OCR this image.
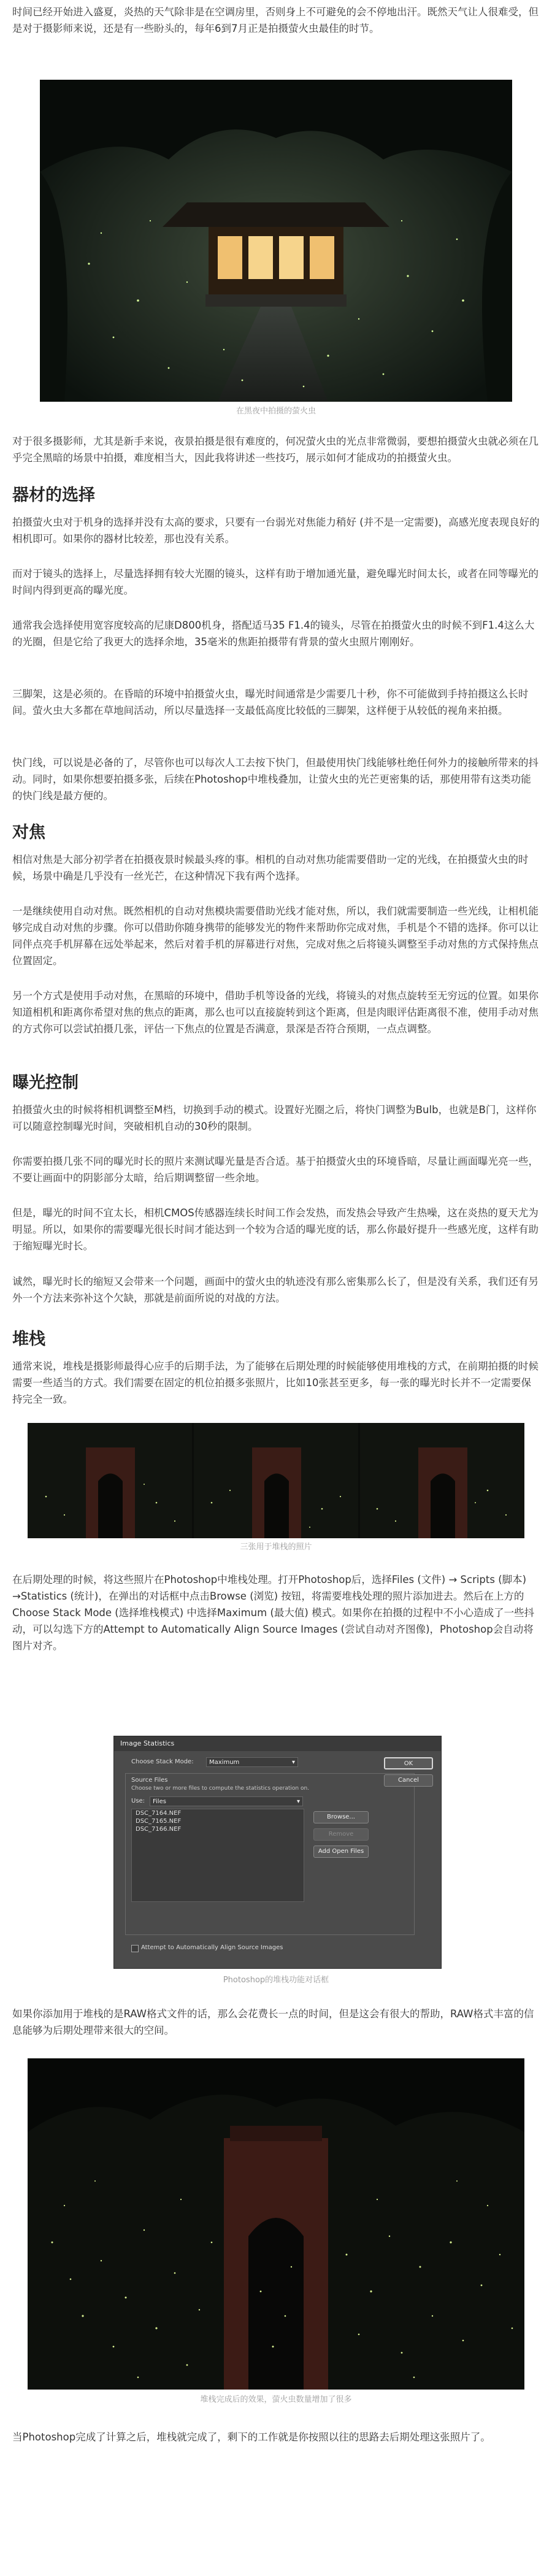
时间已经开始进入盛夏，炎热的天气除非是在空调房里，否则身上不可避免的会不停地出汗。既然天气让人很难受，但是对于摄影师来说，还是有一些盼头的，每年6到7月正是拍摄萤火虫最佳的时节。

在黑夜中拍摄的萤火虫

对于很多摄影师，尤其是新手来说，夜景拍摄是很有难度的，何况萤火虫的光点非常微弱，要想拍摄萤火虫就必须在几乎完全黑暗的场景中拍摄，难度相当大，因此我将讲述一些技巧，展示如何才能成功的拍摄萤火虫。

器材的选择

拍摄萤火虫对于机身的选择并没有太高的要求，只要有一台弱光对焦能力稍好 (并不是一定需要)，高感光度表现良好的相机即可。如果你的器材比较差，那也没有关系。

而对于镜头的选择上，尽量选择拥有较大光圈的镜头，这样有助于增加通光量，避免曝光时间太长，或者在同等曝光的时间内得到更高的曝光度。

通常我会选择使用宽容度较高的尼康D800机身，搭配适马35 F1.4的镜头，尽管在拍摄萤火虫的时候不到F1.4这么大的光圈，但是它给了我更大的选择余地，35毫米的焦距拍摄带有背景的萤火虫照片刚刚好。

三脚架，这是必须的。在昏暗的环境中拍摄萤火虫，曝光时间通常是少需要几十秒，你不可能做到手持拍摄这么长时间。萤火虫大多都在草地间活动，所以尽量选择一支最低高度比较低的三脚架，这样便于从较低的视角来拍摄。

快门线，可以说是必备的了，尽管你也可以每次人工去按下快门，但最使用快门线能够杜绝任何外力的接触所带来的抖动。同时，如果你想要拍摄多张，后续在Photoshop中堆栈叠加，让萤火虫的光芒更密集的话，那使用带有这类功能的快门线是最方便的。

对焦

相信对焦是大部分初学者在拍摄夜景时候最头疼的事。相机的自动对焦功能需要借助一定的光线，在拍摄萤火虫的时候，场景中确是几乎没有一丝光芒，在这种情况下我有两个选择。

一是继续使用自动对焦。既然相机的自动对焦模块需要借助光线才能对焦，所以，我们就需要制造一些光线，让相机能够完成自动对焦的步骤。你可以借助你随身携带的能够发光的物件来帮助你完成对焦，手机是个不错的选择。你可以让同伴点亮手机屏幕在远处举起来，然后对着手机的屏幕进行对焦，完成对焦之后将镜头调整至手动对焦的方式保持焦点位置固定。

另一个方式是使用手动对焦，在黑暗的环境中，借助手机等设备的光线，将镜头的对焦点旋转至无穷远的位置。如果你知道相机和距离你希望对焦的焦点的距离，那么也可以直接旋转到这个距离，但是肉眼评估距离很不准，使用手动对焦的方式你可以尝试拍摄几张，评估一下焦点的位置是否满意，景深是否符合预期，一点点调整。

曝光控制

拍摄萤火虫的时候将相机调整至M档，切换到手动的模式。设置好光圈之后，将快门调整为Bulb，也就是B门，这样你可以随意控制曝光时间，突破相机自动的30秒的限制。

你需要拍摄几张不同的曝光时长的照片来测试曝光量是否合适。基于拍摄萤火虫的环境昏暗，尽量让画面曝光亮一些，不要让画面中的阴影部分太暗，给后期调整留一些余地。

但是，曝光的时间不宜太长，相机CMOS传感器连续长时间工作会发热，而发热会导致产生热噪，这在炎热的夏天尤为明显。所以，如果你的需要曝光很长时间才能达到一个较为合适的曝光度的话，那么你最好提升一些感光度，这样有助于缩短曝光时长。

诚然，曝光时长的缩短又会带来一个问题，画面中的萤火虫的轨迹没有那么密集那么长了，但是没有关系，我们还有另外一个方法来弥补这个欠缺，那就是前面所说的对战的方法。

堆栈

通常来说，堆栈是摄影师最得心应手的后期手法，为了能够在后期处理的时候能够使用堆栈的方式，在前期拍摄的时候需要一些适当的方式。我们需要在固定的机位拍摄多张照片，比如10张甚至更多，每一张的曝光时长并不一定需要保持完全一致。

三张用于堆栈的照片

在后期处理的时候，将这些照片在Photoshop中堆栈处理。打开Photoshop后，选择Files (文件) → Scripts (脚本) →Statistics (统计)，在弹出的对话框中点击Browse (浏览) 按钮，将需要堆栈处理的照片添加进去。然后在上方的Choose Stack Mode (选择堆栈模式) 中选择Maximum (最大值) 模式。如果你在拍摄的过程中不小心造成了一些抖动，可以勾选下方的Attempt to Automatically Align Source Images (尝试自动对齐图像)，Photoshop会自动将图片对齐。

Image Statistics
Choose Stack Mode:	Maximum	▾
Source Files
Choose two or more files to compute the statistics operation on.
Use:	Files	▾
DSC_7164.NEF
DSC_7165.NEF
DSC_7166.NEF
Browse...
Remove
Add Open Files
OK
Cancel
Attempt to Automatically Align Source Images

Photoshop的堆栈功能对话框

如果你添加用于堆栈的是RAW格式文件的话，那么会花费长一点的时间，但是这会有很大的帮助，RAW格式丰富的信息能够为后期处理带来很大的空间。

堆栈完成后的效果，萤火虫数量增加了很多

当Photoshop完成了计算之后，堆栈就完成了，剩下的工作就是你按照以往的思路去后期处理这张照片了。
